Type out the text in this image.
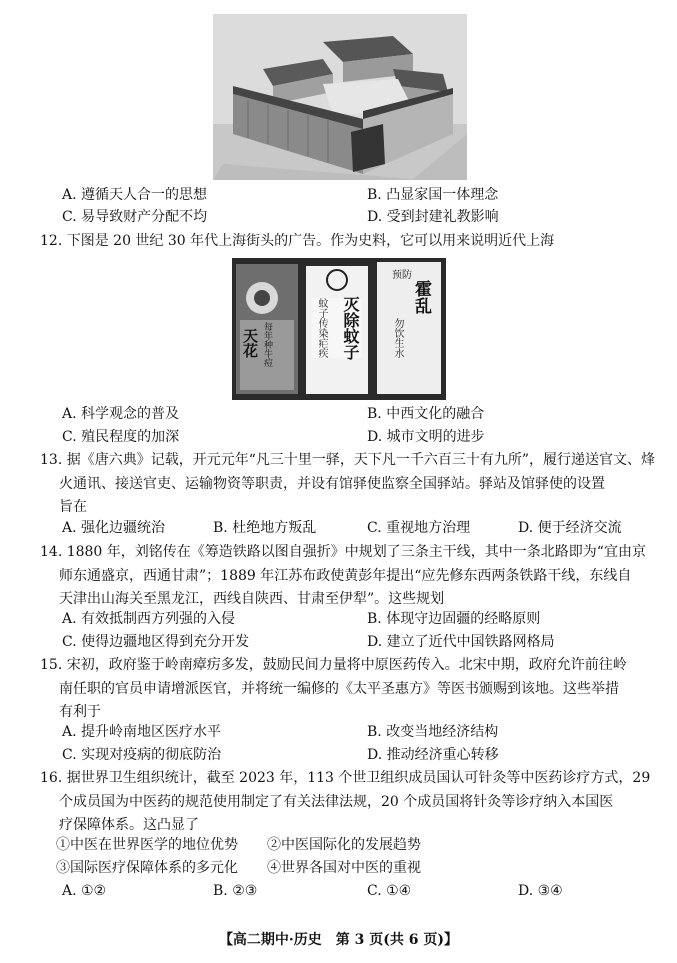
A. 遵循天人合一的思想	B. 凸显家国一体理念
C. 易导致财产分配不均	D. 受到封建礼教影响
12. 下图是 20 世纪 30 年代上海街头的广告。作为史料，它可以用来说明近代上海
天花 每年种牛痘	灭除蚊子
蚊子传染疟疾
预防
霍乱
勿饮生水
A. 科学观念的普及	B. 中西文化的融合
C. 殖民程度的加深	D. 城市文明的进步
13. 据《唐六典》记载，开元元年“凡三十里一驿，天下凡一千六百三十有九所”，履行递送官文、烽
火通讯、接送官吏、运输物资等职责，并设有馆驿使监察全国驿站。驿站及馆驿使的设置
旨在
A. 强化边疆统治	B. 杜绝地方叛乱	C. 重视地方治理	D. 便于经济交流
14. 1880 年，刘铭传在《筹造铁路以图自强折》中规划了三条主干线，其中一条北路即为“宜由京
师东通盛京，西通甘肃”；1889 年江苏布政使黄彭年提出“应先修东西两条铁路干线，东线自
天津出山海关至黑龙江，西线自陕西、甘肃至伊犁”。这些规划
A. 有效抵制西方列强的入侵	B. 体现守边固疆的经略原则
C. 使得边疆地区得到充分开发	D. 建立了近代中国铁路网格局
15. 宋初，政府鉴于岭南瘴疠多发，鼓励民间力量将中原医药传入。北宋中期，政府允许前往岭
南任职的官员申请增派医官，并将统一编修的《太平圣惠方》等医书颁赐到该地。这些举措
有利于
A. 提升岭南地区医疗水平	B. 改变当地经济结构
C. 实现对疫病的彻底防治	D. 推动经济重心转移
16. 据世界卫生组织统计，截至 2023 年，113 个世卫组织成员国认可针灸等中医药诊疗方式，29
个成员国为中医药的规范使用制定了有关法律法规，20 个成员国将针灸等诊疗纳入本国医
疗保障体系。这凸显了
①中医在世界医学的地位优势 ②中医国际化的发展趋势
③国际医疗保障体系的多元化 ④世界各国对中医的重视
A. ①②	B. ②③	C. ①④	D. ③④
【高二期中·历史　第 3 页(共 6 页)】
